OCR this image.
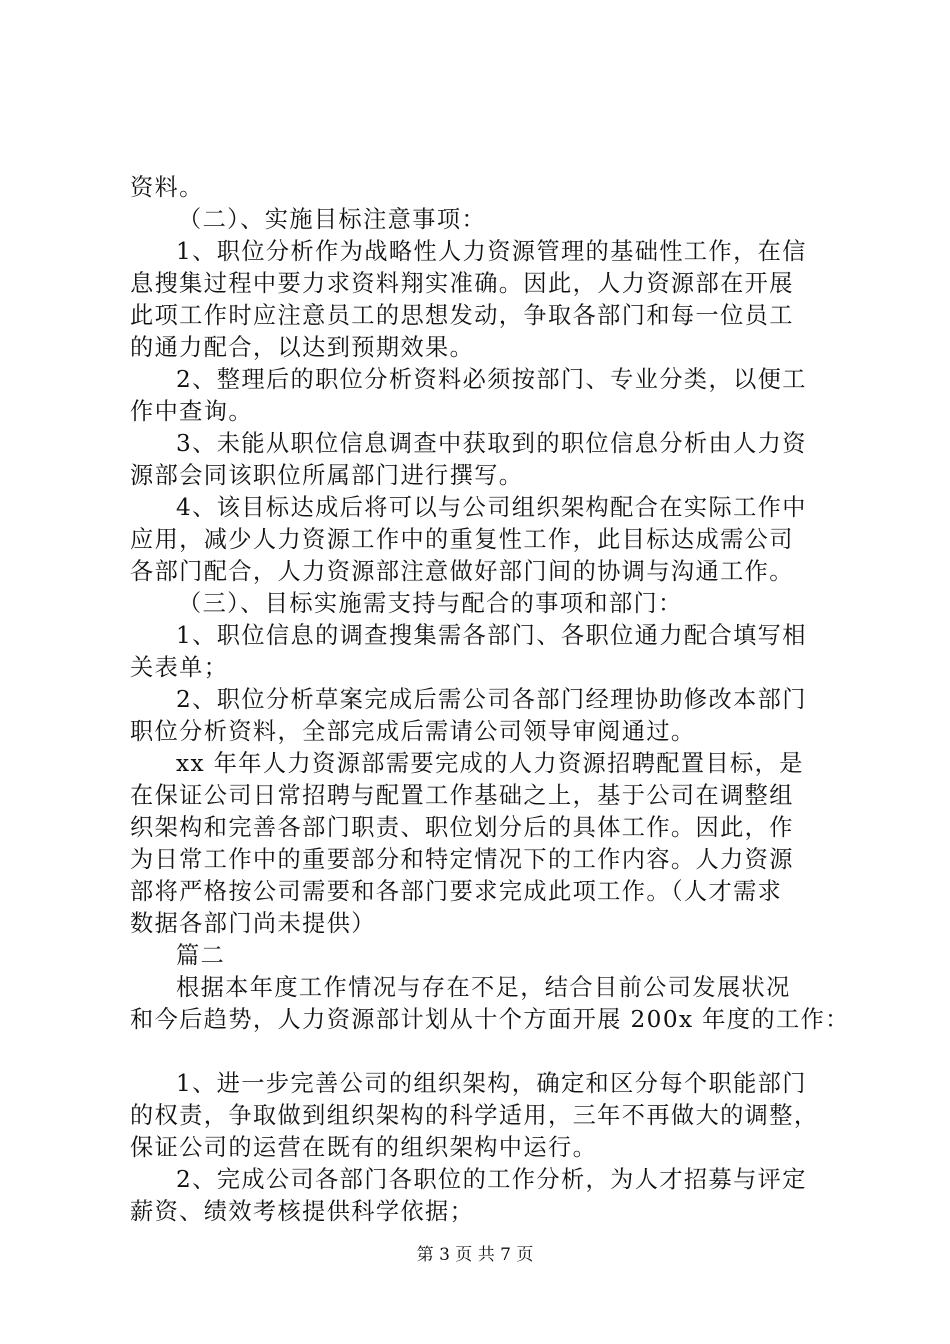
资料。
（二）、实施目标注意事项：
1、职位分析作为战略性人力资源管理的基础性工作，在信
息搜集过程中要力求资料翔实准确。因此，人力资源部在开展
此项工作时应注意员工的思想发动，争取各部门和每一位员工
的通力配合，以达到预期效果。
2、整理后的职位分析资料必须按部门、专业分类，以便工
作中查询。
3、未能从职位信息调查中获取到的职位信息分析由人力资
源部会同该职位所属部门进行撰写。
4、该目标达成后将可以与公司组织架构配合在实际工作中
应用，减少人力资源工作中的重复性工作，此目标达成需公司
各部门配合，人力资源部注意做好部门间的协调与沟通工作。
（三）、目标实施需支持与配合的事项和部门：
1、职位信息的调查搜集需各部门、各职位通力配合填写相
关表单；
2、职位分析草案完成后需公司各部门经理协助修改本部门
职位分析资料，全部完成后需请公司领导审阅通过。
xx 年年人力资源部需要完成的人力资源招聘配置目标，是
在保证公司日常招聘与配置工作基础之上，基于公司在调整组
织架构和完善各部门职责、职位划分后的具体工作。因此，作
为日常工作中的重要部分和特定情况下的工作内容。人力资源
部将严格按公司需要和各部门要求完成此项工作。（人才需求
数据各部门尚未提供）
篇二
根据本年度工作情况与存在不足，结合目前公司发展状况
和今后趋势，人力资源部计划从十个方面开展 200x 年度的工作：
1、进一步完善公司的组织架构，确定和区分每个职能部门
的权责，争取做到组织架构的科学适用，三年不再做大的调整，
保证公司的运营在既有的组织架构中运行。
2、完成公司各部门各职位的工作分析，为人才招募与评定
薪资、绩效考核提供科学依据；
第 3 页 共 7 页
